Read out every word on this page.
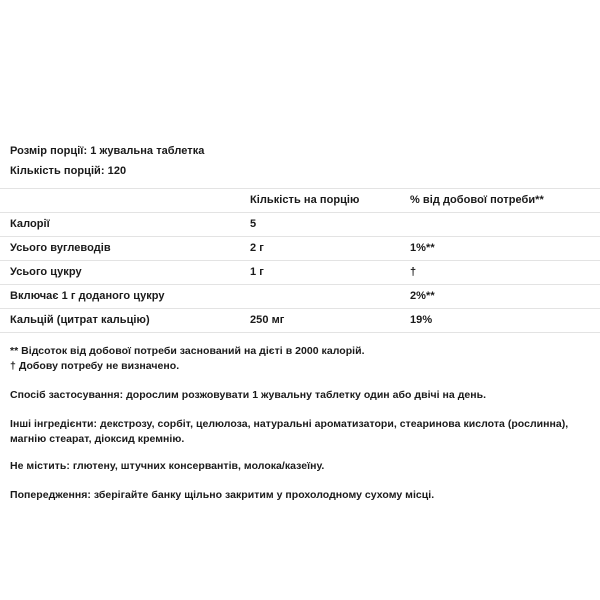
Розмір порції: 1 жувальна таблетка
Кількість порцій: 120
	Кількість на порцію	% від добової потреби**
Калорії	5	
Усього вуглеводів	2 г	1%**
Усього цукру	1 г	†
Включає 1 г доданого цукру		2%**
Кальцій (цитрат кальцію)	250 мг	19%
** Відсоток від добової потреби заснований на дієті в 2000 калорій.
† Добову потребу не визначено.
Спосіб застосування: дорослим розжовувати 1 жувальну таблетку один або двічі на день.
Інші інгредієнти: декстрозу, сорбіт, целюлоза, натуральні ароматизатори, стеаринова кислота (рослинна), магнію стеарат, діоксид кремнію.
Не містить: глютену, штучних консервантів, молока/казеїну.
Попередження: зберігайте банку щільно закритим у прохолодному сухому місці.
